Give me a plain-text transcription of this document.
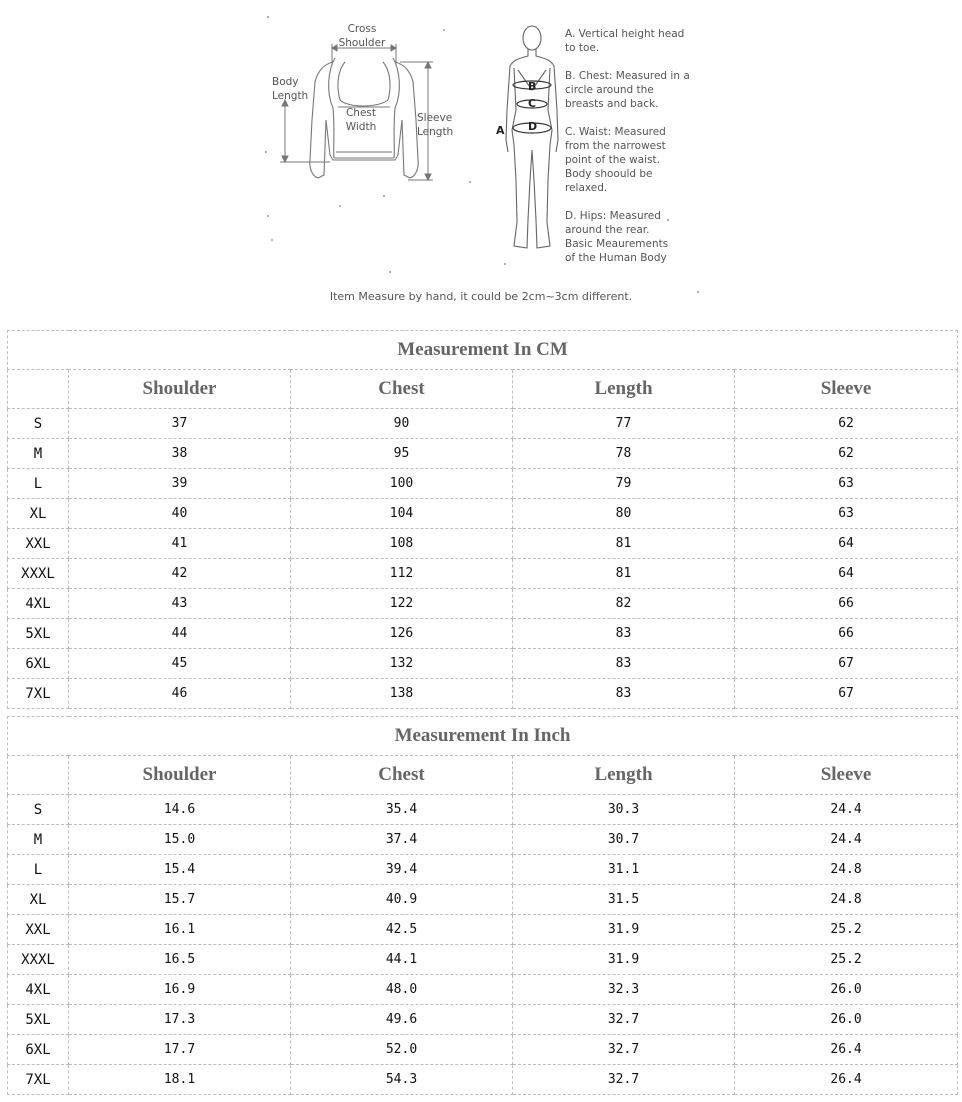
Cross
Shoulder
Body
Length
Chest
Width
Sleeve
Length	A
B
C
D
A. Vertical height head
to toe.
B. Chest: Measured in a
circle around the
breasts and back.
C. Waist: Measured
from the narrowest
point of the waist.
Body shoould be
relaxed.
D. Hips: Measured
around the rear.
Basic Meaurements
of the Human Body
Item Measure by hand, it could be 2cm~3cm different.
Measurement In CM				
	Shoulder	Chest	Length	Sleeve
S	37	90	77	62
M	38	95	78	62
L	39	100	79	63
XL	40	104	80	63
XXL	41	108	81	64
XXXL	42	112	81	64
4XL	43	122	82	66
5XL	44	126	83	66
6XL	45	132	83	67
7XL	46	138	83	67
Measurement In Inch				
	Shoulder	Chest	Length	Sleeve
S	14.6	35.4	30.3	24.4
M	15.0	37.4	30.7	24.4
L	15.4	39.4	31.1	24.8
XL	15.7	40.9	31.5	24.8
XXL	16.1	42.5	31.9	25.2
XXXL	16.5	44.1	31.9	25.2
4XL	16.9	48.0	32.3	26.0
5XL	17.3	49.6	32.7	26.0
6XL	17.7	52.0	32.7	26.4
7XL	18.1	54.3	32.7	26.4
